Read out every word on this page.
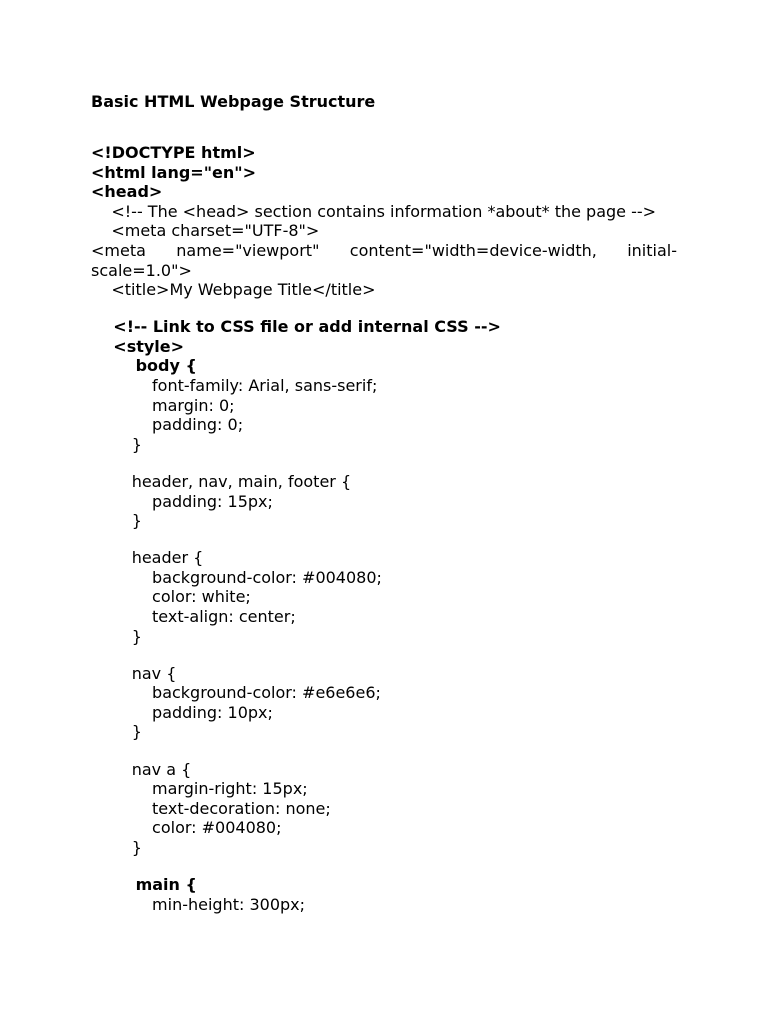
Basic HTML Webpage Structure
<!DOCTYPE html>
<html lang="en">
<head>
<!-- The <head> section contains information *about* the page -->
<meta charset="UTF-8">
<meta name="viewport" content="width=device-width, initial-
scale=1.0">
<title>My Webpage Title</title>
<!-- Link to CSS file or add internal CSS -->
<style>
body {
font-family: Arial, sans-serif;
margin: 0;
padding: 0;
}
header, nav, main, footer {
padding: 15px;
}
header {
background-color: #004080;
color: white;
text-align: center;
}
nav {
background-color: #e6e6e6;
padding: 10px;
}
nav a {
margin-right: 15px;
text-decoration: none;
color: #004080;
}
main {
min-height: 300px;
